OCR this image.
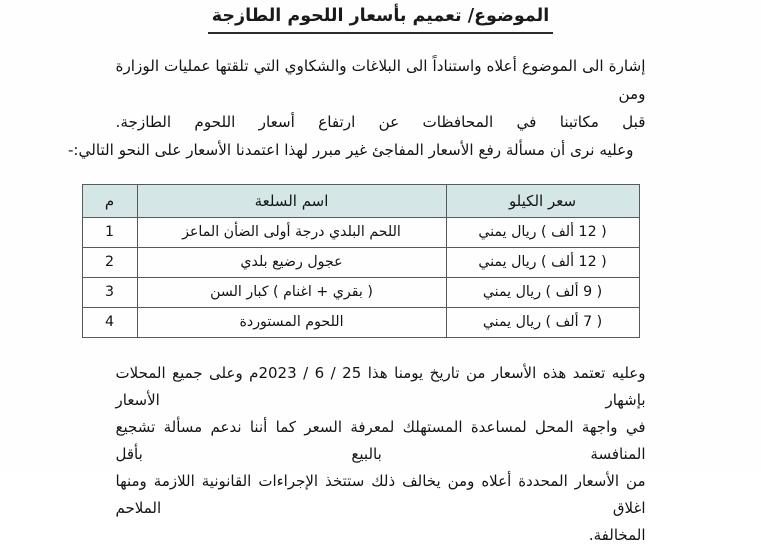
الموضوع/ تعميم بأسعار اللحوم الطازجة
إشارة الى الموضوع أعلاه واستناداً الى البلاغات والشكاوي التي تلقتها عمليات الوزارة ومن
قبل مكاتبنا في المحافظات عن ارتفاع أسعار اللحوم الطازجة.
وعليه نرى أن مسألة رفع الأسعار المفاجئ غير مبرر لهذا اعتمدنا الأسعار على النحو التالي:-
سعر الكيلو	اسم السلعة	م
( 12 ألف ) ريال يمني	اللحم البلدي درجة أولى الضأن الماعز	1
( 12 ألف ) ريال يمني	عجول رضيع بلدي	2
( 9 ألف ) ريال يمني	( بقري + اغنام ) كبار السن	3
( 7 ألف ) ريال يمني	اللحوم المستوردة	4
وعليه تعتمد هذه الأسعار من تاريخ يومنا هذا 25 / 6 / 2023م وعلى جميع المحلات بإشهار الأسعار
في واجهة المحل لمساعدة المستهلك لمعرفة السعر كما أننا ندعم مسألة تشجيع المنافسة بالبيع بأقل
من الأسعار المحددة أعلاه ومن يخالف ذلك ستتخذ الإجراءات القانونية اللازمة ومنها اغلاق الملاحم
المخالفة.
